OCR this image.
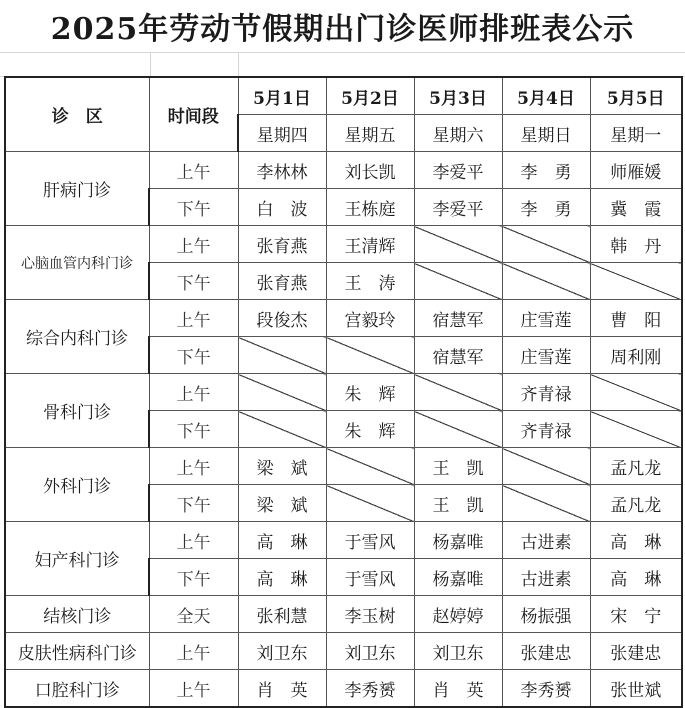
2025年劳动节假期出门诊医师排班表公示
诊　区	时间段	5月1日	5月2日	5月3日	5月4日	5月5日
		星期四	星期五	星期六	星期日	星期一
肝病门诊	上午	李林林	刘长凯	李爱平	李　勇	师雁媛
	下午	白　波	王栋庭	李爱平	李　勇	冀　霞
心脑血管内科门诊	上午	张育燕	王清辉			韩　丹
	下午	张育燕	王　涛			
综合内科门诊	上午	段俊杰	宫毅玲	宿慧军	庄雪莲	曹　阳
	下午			宿慧军	庄雪莲	周利刚
骨科门诊	上午		朱　辉		齐青禄	
	下午		朱　辉		齐青禄	
外科门诊	上午	梁　斌		王　凯		孟凡龙
	下午	梁　斌		王　凯		孟凡龙
妇产科门诊	上午	高　琳	于雪风	杨嘉唯	古进素	高　琳
	下午	高　琳	于雪风	杨嘉唯	古进素	高　琳
结核门诊	全天	张利慧	李玉树	赵婷婷	杨振强	宋　宁
皮肤性病科门诊	上午	刘卫东	刘卫东	刘卫东	张建忠	张建忠
口腔科门诊	上午	肖　英	李秀赟	肖　英	李秀赟	张世斌
